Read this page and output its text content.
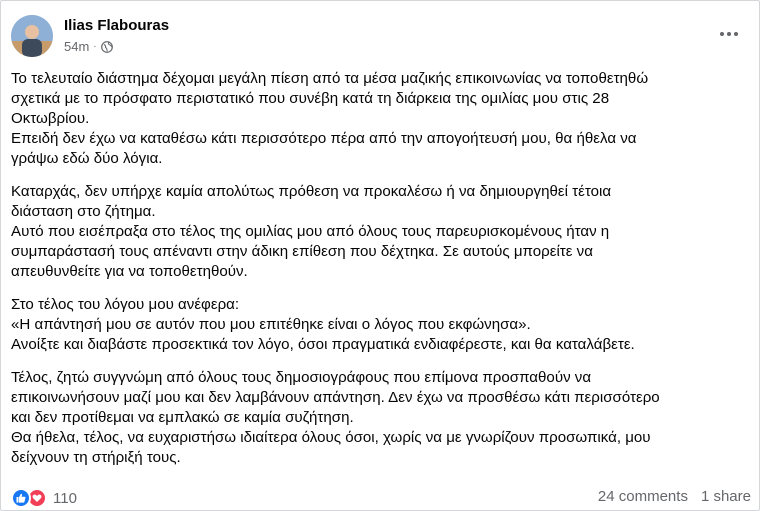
Ilias Flabouras
54m ·

Το τελευταίο διάστημα δέχομαι μεγάλη πίεση από τα μέσα μαζικής επικοινωνίας να τοποθετηθώ
σχετικά με το πρόσφατο περιστατικό που συνέβη κατά τη διάρκεια της ομιλίας μου στις 28
Οκτωβρίου.
Επειδή δεν έχω να καταθέσω κάτι περισσότερο πέρα από την απογοήτευσή μου, θα ήθελα να
γράψω εδώ δύο λόγια.

Καταρχάς, δεν υπήρχε καμία απολύτως πρόθεση να προκαλέσω ή να δημιουργηθεί τέτοια
διάσταση στο ζήτημα.
Αυτό που εισέπραξα στο τέλος της ομιλίας μου από όλους τους παρευρισκομένους ήταν η
συμπαράστασή τους απέναντι στην άδικη επίθεση που δέχτηκα. Σε αυτούς μπορείτε να
απευθυνθείτε για να τοποθετηθούν.

Στο τέλος του λόγου μου ανέφερα:
«Η απάντησή μου σε αυτόν που μου επιτέθηκε είναι ο λόγος που εκφώνησα».
Ανοίξτε και διαβάστε προσεκτικά τον λόγο, όσοι πραγματικά ενδιαφέρεστε, και θα καταλάβετε.

Τέλος, ζητώ συγγνώμη από όλους τους δημοσιογράφους που επίμονα προσπαθούν να
επικοινωνήσουν μαζί μου και δεν λαμβάνουν απάντηση. Δεν έχω να προσθέσω κάτι περισσότερο
και δεν προτίθεμαι να εμπλακώ σε καμία συζήτηση.
Θα ήθελα, τέλος, να ευχαριστήσω ιδιαίτερα όλους όσοι, χωρίς να με γνωρίζουν προσωπικά, μου
δείχνουν τη στήριξή τους.

110	24 comments 1 share
